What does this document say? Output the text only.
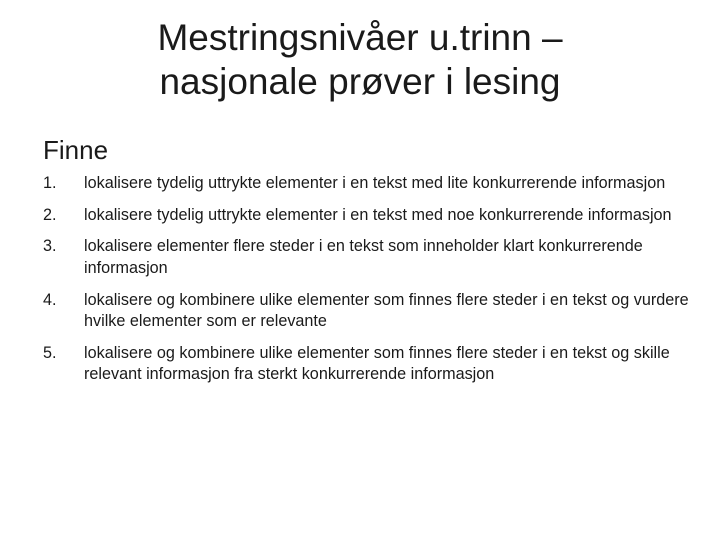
Mestringsnivåer u.trinn –
nasjonale prøver i lesing
Finne
1.	lokalisere tydelig uttrykte elementer i en tekst med lite konkurrerende informasjon
2.	lokalisere tydelig uttrykte elementer i en tekst med noe konkurrerende informasjon
3.	lokalisere elementer flere steder i en tekst som inneholder klart konkurrerende informasjon
4.	lokalisere og kombinere ulike elementer som finnes flere steder i en tekst og vurdere hvilke elementer som er relevante
5.	lokalisere og kombinere ulike elementer som finnes flere steder i en tekst og skille relevant informasjon fra sterkt konkurrerende informasjon
